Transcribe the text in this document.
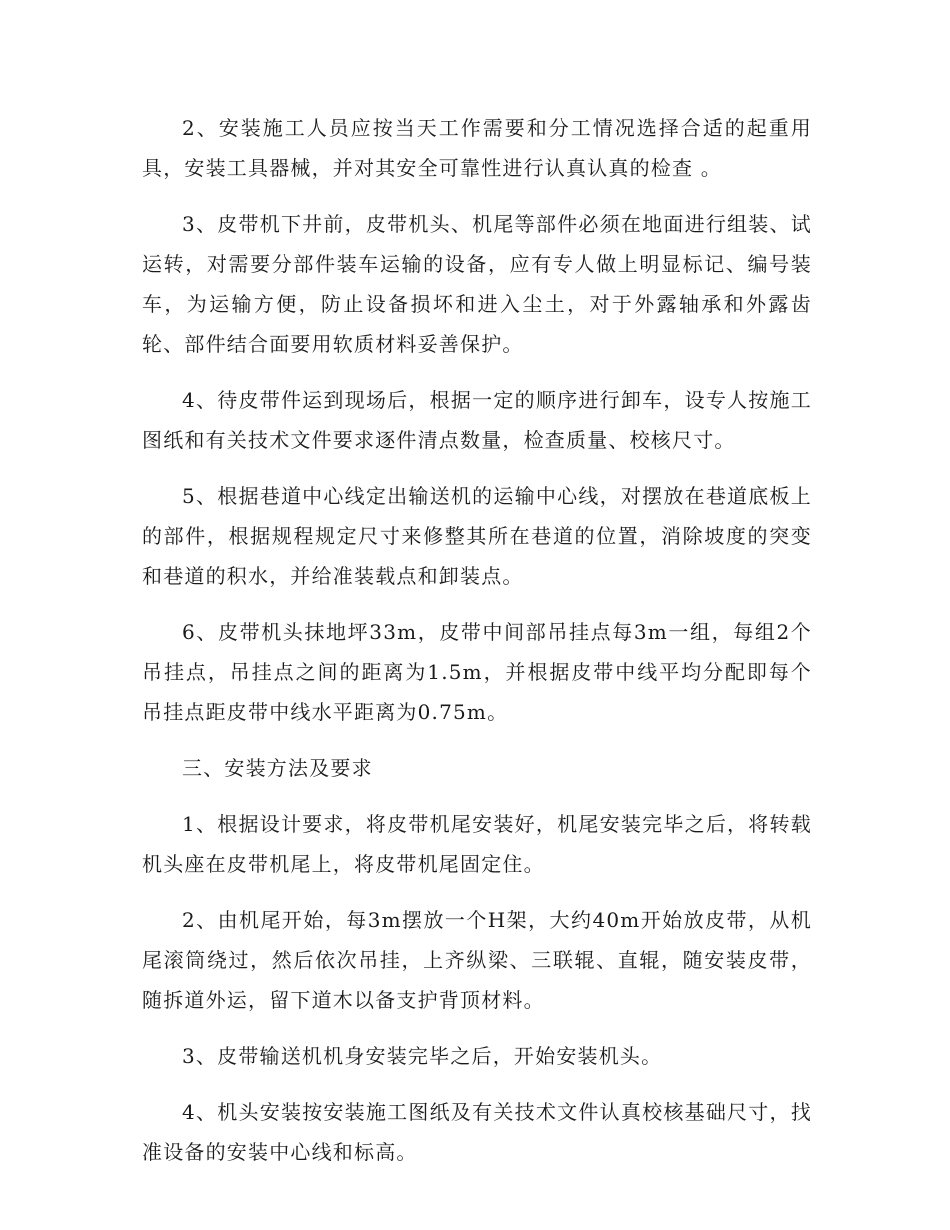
2、安装施工人员应按当天工作需要和分工情况选择合适的起重用具，安装工具器械，并对其安全可靠性进行认真认真的检查 。

3、皮带机下井前，皮带机头、机尾等部件必须在地面进行组装、试运转，对需要分部件装车运输的设备，应有专人做上明显标记、编号装车，为运输方便，防止设备损坏和进入尘土，对于外露轴承和外露齿轮、部件结合面要用软质材料妥善保护。

4、待皮带件运到现场后，根据一定的顺序进行卸车，设专人按施工图纸和有关技术文件要求逐件清点数量，检查质量、校核尺寸。

5、根据巷道中心线定出输送机的运输中心线，对摆放在巷道底板上的部件，根据规程规定尺寸来修整其所在巷道的位置，消除坡度的突变和巷道的积水，并给准装载点和卸装点。

6、皮带机头抹地坪33m，皮带中间部吊挂点每3m一组，每组2个吊挂点，吊挂点之间的距离为1.5m，并根据皮带中线平均分配即每个吊挂点距皮带中线水平距离为0.75m。

三、安装方法及要求

1、根据设计要求，将皮带机尾安装好，机尾安装完毕之后，将转载机头座在皮带机尾上，将皮带机尾固定住。

2、由机尾开始，每3m摆放一个H架，大约40m开始放皮带，从机尾滚筒绕过，然后依次吊挂，上齐纵梁、三联辊、直辊，随安装皮带，随拆道外运，留下道木以备支护背顶材料。

3、皮带输送机机身安装完毕之后，开始安装机头。

4、机头安装按安装施工图纸及有关技术文件认真校核基础尺寸，找准设备的安装中心线和标高。
